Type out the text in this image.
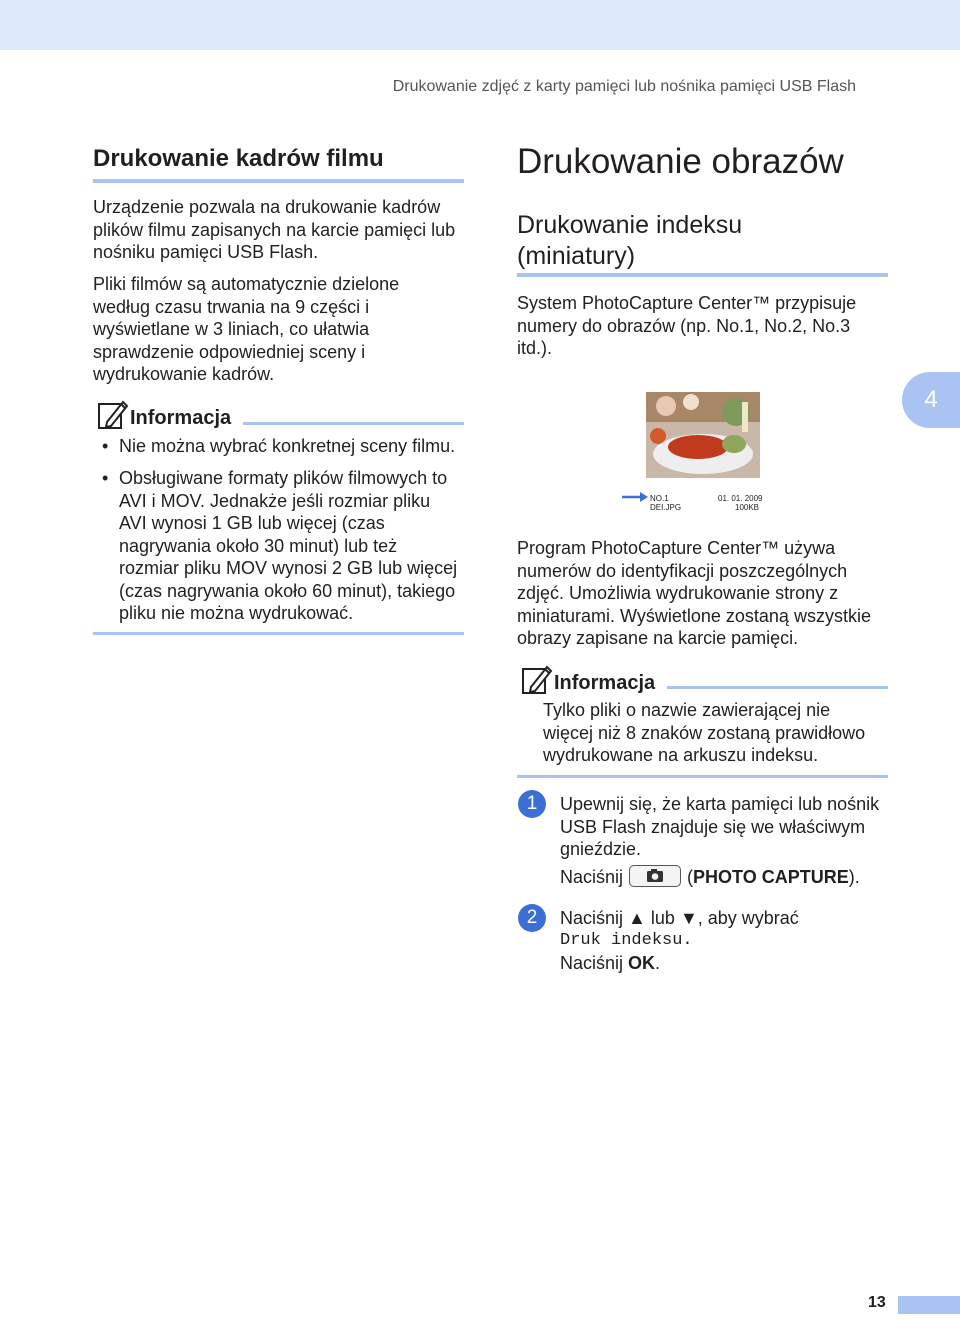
Drukowanie zdjęć z karty pamięci lub nośnika pamięci USB Flash
Drukowanie kadrów filmu
Urządzenie pozwala na drukowanie kadrów
plików filmu zapisanych na karcie pamięci lub
nośniku pamięci USB Flash.
Pliki filmów są automatycznie dzielone
według czasu trwania na 9 części i
wyświetlane w 3 liniach, co ułatwia
sprawdzenie odpowiedniej sceny i
wydrukowanie kadrów.
Informacja
• Nie można wybrać konkretnej sceny filmu.
• Obsługiwane formaty plików filmowych to
AVI i MOV. Jednakże jeśli rozmiar pliku
AVI wynosi 1 GB lub więcej (czas
nagrywania około 30 minut) lub też
rozmiar pliku MOV wynosi 2 GB lub więcej
(czas nagrywania około 60 minut), takiego
pliku nie można wydrukować.
Drukowanie obrazów
Drukowanie indeksu
(miniatury)
System PhotoCapture Center™ przypisuje
numery do obrazów (np. No.1, No.2, No.3
itd.).
NO.1
DEI.JPG
01. 01. 2009
100KB
Program PhotoCapture Center™ używa
numerów do identyfikacji poszczególnych
zdjęć. Umożliwia wydrukowanie strony z
miniaturami. Wyświetlone zostaną wszystkie
obrazy zapisane na karcie pamięci.
Informacja
Tylko pliki o nazwie zawierającej nie
więcej niż 8 znaków zostaną prawidłowo
wydrukowane na arkuszu indeksu.
1	Upewnij się, że karta pamięci lub nośnik
USB Flash znajduje się we właściwym
gnieździe.
Naciśnij	(PHOTO CAPTURE).
2	Naciśnij ▲ lub ▼, aby wybrać
Druk indeksu.
Naciśnij OK.
4
13
